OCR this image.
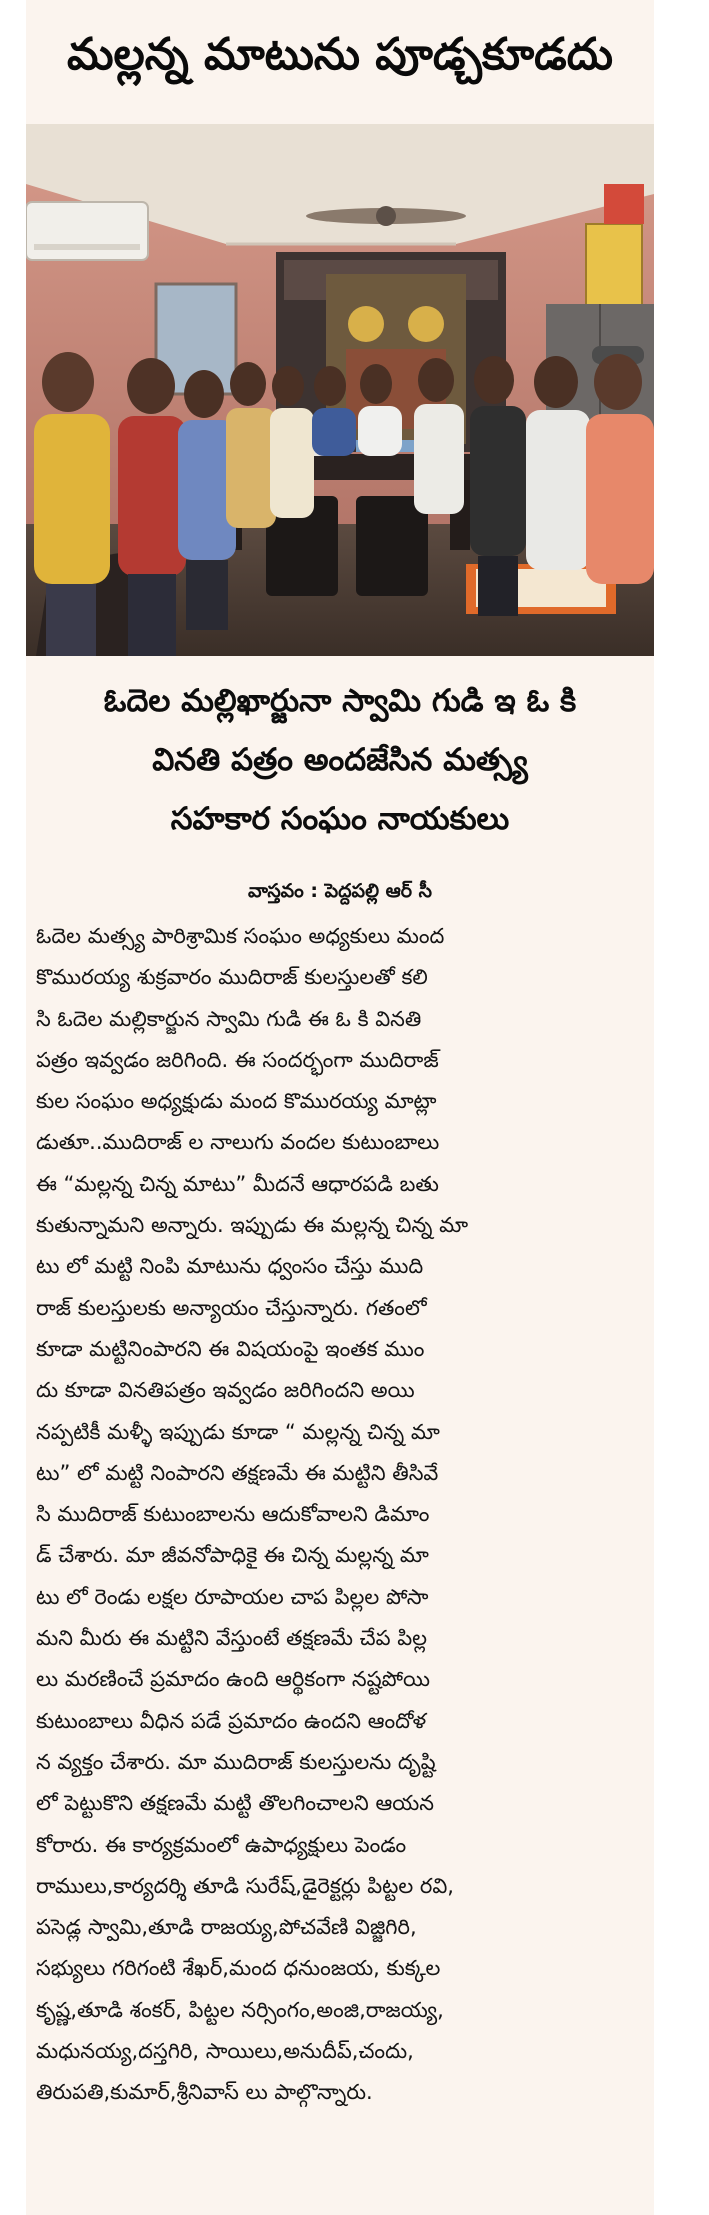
మల్లన్న మాటును పూడ్చకూడదు
ఓదెల మల్లిఖార్జునా స్వామి గుడి ఇ ఓ కి
వినతి పత్రం అందజేసిన మత్స్య
సహకార సంఘం నాయకులు
వాస్తవం : పెద్దపల్లి ఆర్ సీ
ఓదెల మత్స్య పారిశ్రామిక సంఘం అధ్యకులు మంద
కొమురయ్య శుక్రవారం ముదిరాజ్ కులస్తులతో కలి
సి ఓదెల మల్లికార్జున స్వామి గుడి ఈ ఓ కి వినతి
పత్రం ఇవ్వడం జరిగింది. ఈ సందర్భంగా ముదిరాజ్
కుల సంఘం అధ్యక్షుడు మంద కొమురయ్య మాట్లా
డుతూ..ముదిరాజ్ ల నాలుగు వందల కుటుంబాలు
ఈ “మల్లన్న చిన్న మాటు” మీదనే ఆధారపడి బతు
కుతున్నామని అన్నారు. ఇప్పుడు ఈ మల్లన్న చిన్న మా
టు లో మట్టి నింపి మాటును ధ్వంసం చేస్తు ముది
రాజ్ కులస్తులకు అన్యాయం చేస్తున్నారు. గతంలో
కూడా మట్టినింపారని ఈ విషయంపై ఇంతక ముం
దు కూడా వినతిపత్రం ఇవ్వడం జరిగిందని అయి
నప్పటికీ మళ్ళీ ఇప్పుడు కూడా “ మల్లన్న చిన్న మా
టు” లో మట్టి నింపారని తక్షణమే ఈ మట్టిని తీసివే
సి ముదిరాజ్ కుటుంబాలను ఆదుకోవాలని డిమాం
డ్ చేశారు. మా జీవనోపాధికై ఈ చిన్న మల్లన్న మా
టు లో రెండు లక్షల రూపాయల చాప పిల్లల పోసా
మని మీరు ఈ మట్టిని వేస్తుంటే తక్షణమే చేప పిల్ల
లు మరణించే ప్రమాదం ఉంది ఆర్థికంగా నష్టపోయి
కుటుంబాలు వీధిన పడే ప్రమాదం ఉందని ఆందోళ
న వ్యక్తం చేశారు. మా ముదిరాజ్ కులస్తులను దృష్టి
లో పెట్టుకొని తక్షణమే మట్టి తొలగించాలని ఆయన
కోరారు. ఈ కార్యక్రమంలో ఉపాధ్యక్షులు పెండం
రాములు,కార్యదర్శి తూడి సురేష్,డైరెక్టర్లు పిట్టల రవి,
పసెడ్ల స్వామి,తూడి రాజయ్య,పోచవేణి విజ్జిగిరి,
సభ్యులు గరిగంటి శేఖర్,మంద ధనుంజయ, కుక్కల
కృష్ణ,తూడి శంకర్, పిట్టల నర్సింగం,అంజి,రాజయ్య,
మధునయ్య,దస్తగిరి, సాయిలు,అనుదీప్,చందు,
తిరుపతి,కుమార్,శ్రీనివాస్ లు పాల్గొన్నారు.
